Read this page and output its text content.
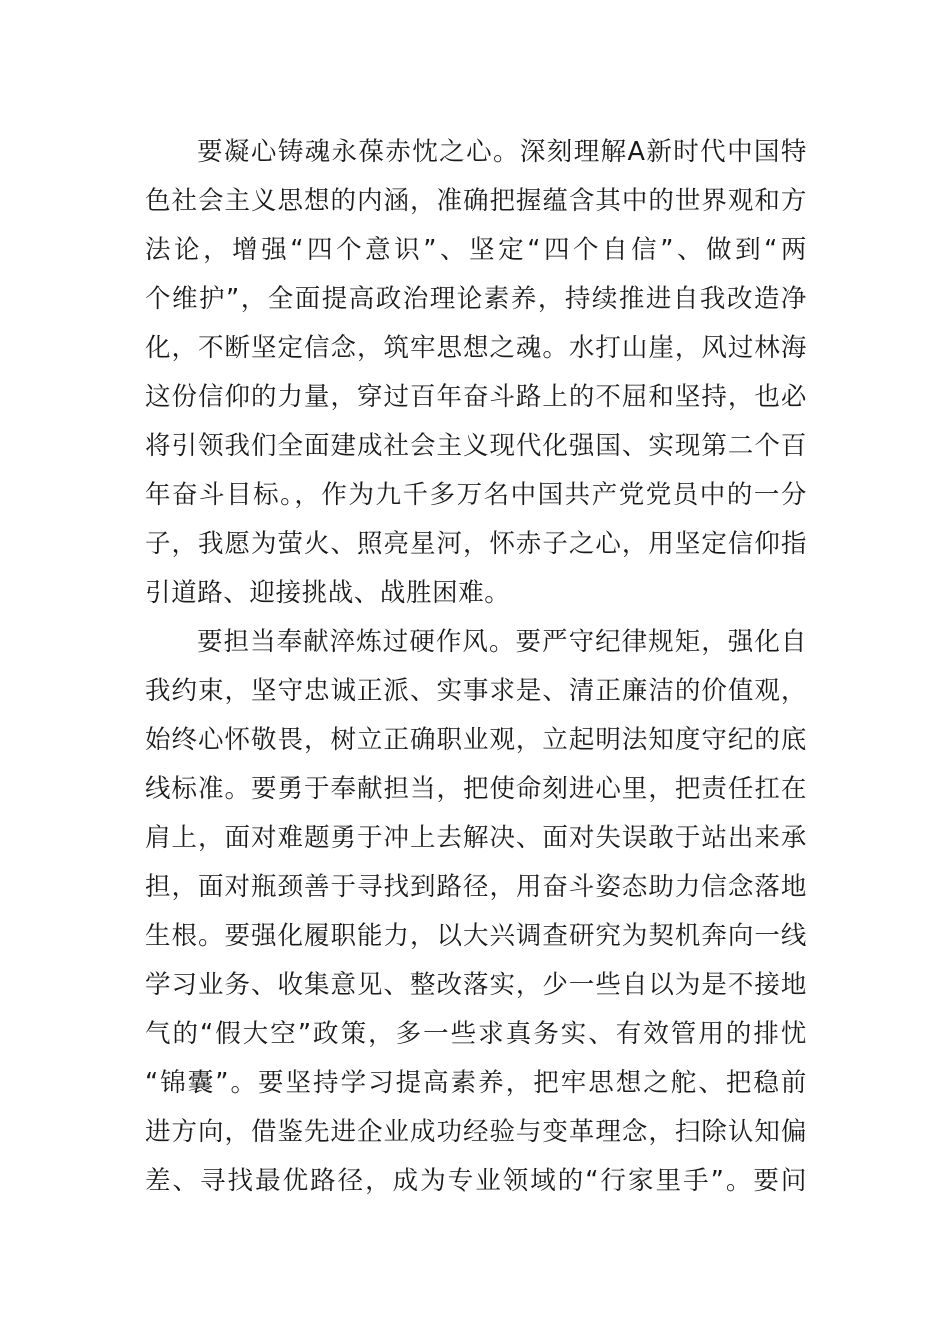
要凝心铸魂永葆赤忱之心。深刻理解A新时代中国特
色社会主义思想的内涵，准确把握蕴含其中的世界观和方
法论，增强“四个意识”、坚定“四个自信”、做到“两
个维护”，全面提高政治理论素养，持续推进自我改造净
化，不断坚定信念，筑牢思想之魂。水打山崖，风过林海
这份信仰的力量，穿过百年奋斗路上的不屈和坚持，也必
将引领我们全面建成社会主义现代化强国、实现第二个百
年奋斗目标。，作为九千多万名中国共产党党员中的一分
子，我愿为萤火、照亮星河，怀赤子之心，用坚定信仰指
引道路、迎接挑战、战胜困难。
要担当奉献淬炼过硬作风。要严守纪律规矩，强化自
我约束，坚守忠诚正派、实事求是、清正廉洁的价值观，
始终心怀敬畏，树立正确职业观，立起明法知度守纪的底
线标准。要勇于奉献担当，把使命刻进心里，把责任扛在
肩上，面对难题勇于冲上去解决、面对失误敢于站出来承
担，面对瓶颈善于寻找到路径，用奋斗姿态助力信念落地
生根。要强化履职能力，以大兴调查研究为契机奔向一线
学习业务、收集意见、整改落实，少一些自以为是不接地
气的“假大空”政策，多一些求真务实、有效管用的排忧
“锦囊”。要坚持学习提高素养，把牢思想之舵、把稳前
进方向，借鉴先进企业成功经验与变革理念，扫除认知偏
差、寻找最优路径，成为专业领域的“行家里手”。要问
